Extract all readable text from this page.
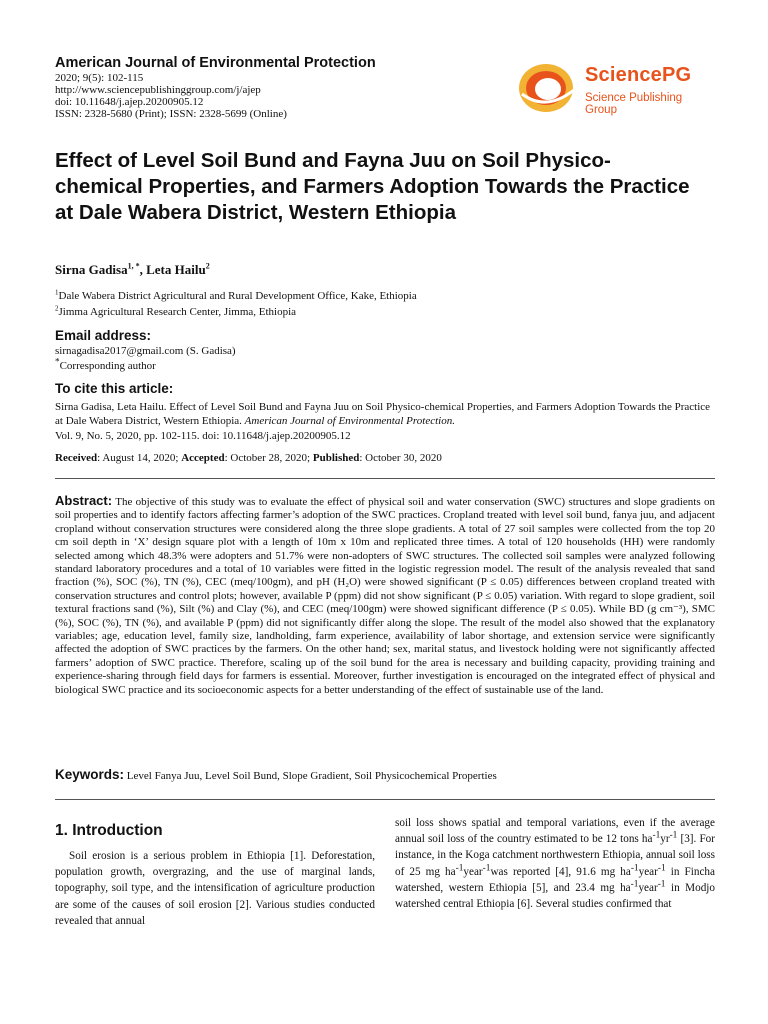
American Journal of Environmental Protection
2020; 9(5): 102-115
http://www.sciencepublishinggroup.com/j/ajep
doi: 10.11648/j.ajep.20200905.12
ISSN: 2328-5680 (Print); ISSN: 2328-5699 (Online)
SciencePG
Science Publishing Group
Effect of Level Soil Bund and Fayna Juu on Soil Physico-chemical Properties, and Farmers Adoption Towards the Practice at Dale Wabera District, Western Ethiopia
Sirna Gadisa$^{1, *}$, Leta Hailu$^2$
$^1$Dale Wabera District Agricultural and Rural Development Office, Kake, Ethiopia
$^2$Jimma Agricultural Research Center, Jimma, Ethiopia
Email address:
sirnagadisa2017@gmail.com (S. Gadisa)
*Corresponding author
To cite this article:
Sirna Gadisa, Leta Hailu. Effect of Level Soil Bund and Fayna Juu on Soil Physico-chemical Properties, and Farmers Adoption Towards the Practice at Dale Wabera District, Western Ethiopia. American Journal of Environmental Protection.
Vol. 9, No. 5, 2020, pp. 102-115. doi: 10.11648/j.ajep.20200905.12
Received: August 14, 2020; Accepted: October 28, 2020; Published: October 30, 2020
Abstract: The objective of this study was to evaluate the effect of physical soil and water conservation (SWC) structures and slope gradients on soil properties and to identify factors affecting farmer’s adoption of the SWC practices. Cropland treated with level soil bund, fanya juu, and adjacent cropland without conservation structures were considered along the three slope gradients. A total of 27 soil samples were collected from the top 20 cm soil depth in ‘X’ design square plot with a length of 10m x 10m and replicated three times. A total of 120 households (HH) were randomly selected among which 48.3% were adopters and 51.7% were non-adopters of SWC structures. The collected soil samples were analyzed following standard laboratory procedures and a total of 10 variables were fitted in the logistic regression model. The result of the analysis revealed that sand fraction (%), SOC (%), TN (%), CEC (meq/100gm), and pH (H₂O) were showed significant (P ≤ 0.05) differences between cropland treated with conservation structures and control plots; however, available P (ppm) did not show significant (P ≤ 0.05) variation. With regard to slope gradient, soil textural fractions sand (%), Silt (%) and Clay (%), and CEC (meq/100gm) were showed significant difference (P ≤ 0.05). While BD (g cm⁻³), SMC (%), SOC (%), TN (%), and available P (ppm) did not significantly differ along the slope. The result of the model also showed that the explanatory variables; age, education level, family size, landholding, farm experience, availability of labor shortage, and extension service were significantly affected the adoption of SWC practices by the farmers. On the other hand; sex, marital status, and livestock holding were not significantly affected farmers’ adoption of SWC practice. Therefore, scaling up of the soil bund for the area is necessary and building capacity, providing training and experience-sharing through field days for farmers is essential. Moreover, further investigation is encouraged on the integrated effect of physical and biological SWC practice and its socioeconomic aspects for a better understanding of the effect of sustainable use of the land.
Keywords: Level Fanya Juu, Level Soil Bund, Slope Gradient, Soil Physicochemical Properties
1. Introduction
Soil erosion is a serious problem in Ethiopia [1]. Deforestation, population growth, overgrazing, and the use of marginal lands, topography, soil type, and the intensification of agriculture production are some of the causes of soil erosion [2]. Various studies conducted revealed that annual
soil loss shows spatial and temporal variations, even if the average annual soil loss of the country estimated to be 12 tons $ha^{-1}yr^{-1}$ [3]. For instance, in the Koga catchment northwestern Ethiopia, annual soil loss of 25 mg $ha^{-1}year^{-1}was$ reported [4], 91.6 mg $ha^{-1}year^{-1}$ in Fincha watershed, western Ethiopia [5], and 23.4 mg $ha^{-1}year^{-1}$ in Modjo watershed central Ethiopia [6]. Several studies confirmed that
